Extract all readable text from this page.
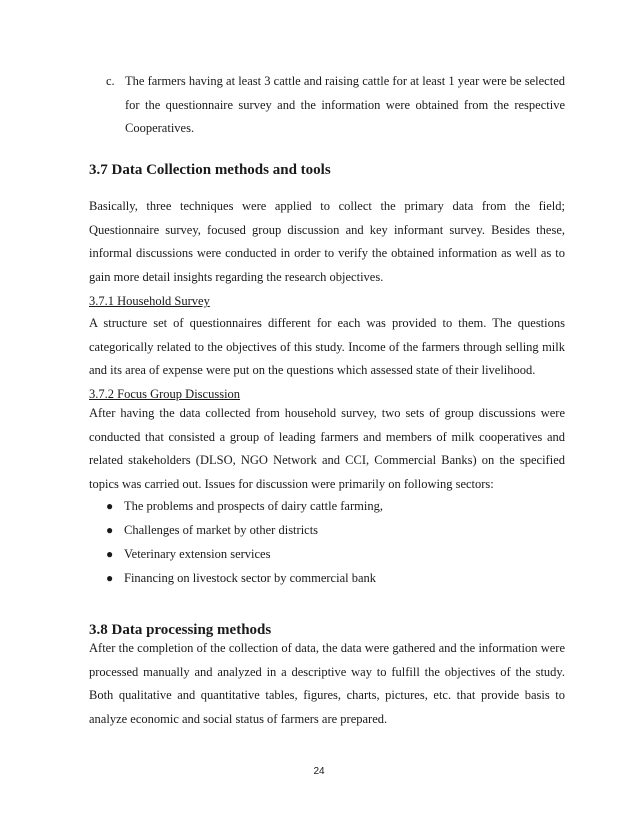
c. The farmers having at least 3 cattle and raising cattle for at least 1 year were be selected for the questionnaire survey and the information were obtained from the respective Cooperatives.
3.7 Data Collection methods and tools
Basically, three techniques were applied to collect the primary data from the field; Questionnaire survey, focused group discussion and key informant survey. Besides these, informal discussions were conducted in order to verify the obtained information as well as to gain more detail insights regarding the research objectives.
3.7.1 Household Survey
A structure set of questionnaires different for each was provided to them. The questions categorically related to the objectives of this study. Income of the farmers through selling milk and its area of expense were put on the questions which assessed state of their livelihood.
3.7.2 Focus Group Discussion
After having the data collected from household survey, two sets of group discussions were conducted that consisted a group of leading farmers and members of milk cooperatives and related stakeholders (DLSO, NGO Network and CCI, Commercial Banks) on the specified topics was carried out. Issues for discussion were primarily on following sectors:
● The problems and prospects of dairy cattle farming,
● Challenges of market by other districts
● Veterinary extension services
● Financing on livestock sector by commercial bank
3.8 Data processing methods
After the completion of the collection of data, the data were gathered and the information were processed manually and analyzed in a descriptive way to fulfill the objectives of the study. Both qualitative and quantitative tables, figures, charts, pictures, etc. that provide basis to analyze economic and social status of farmers are prepared.
24
